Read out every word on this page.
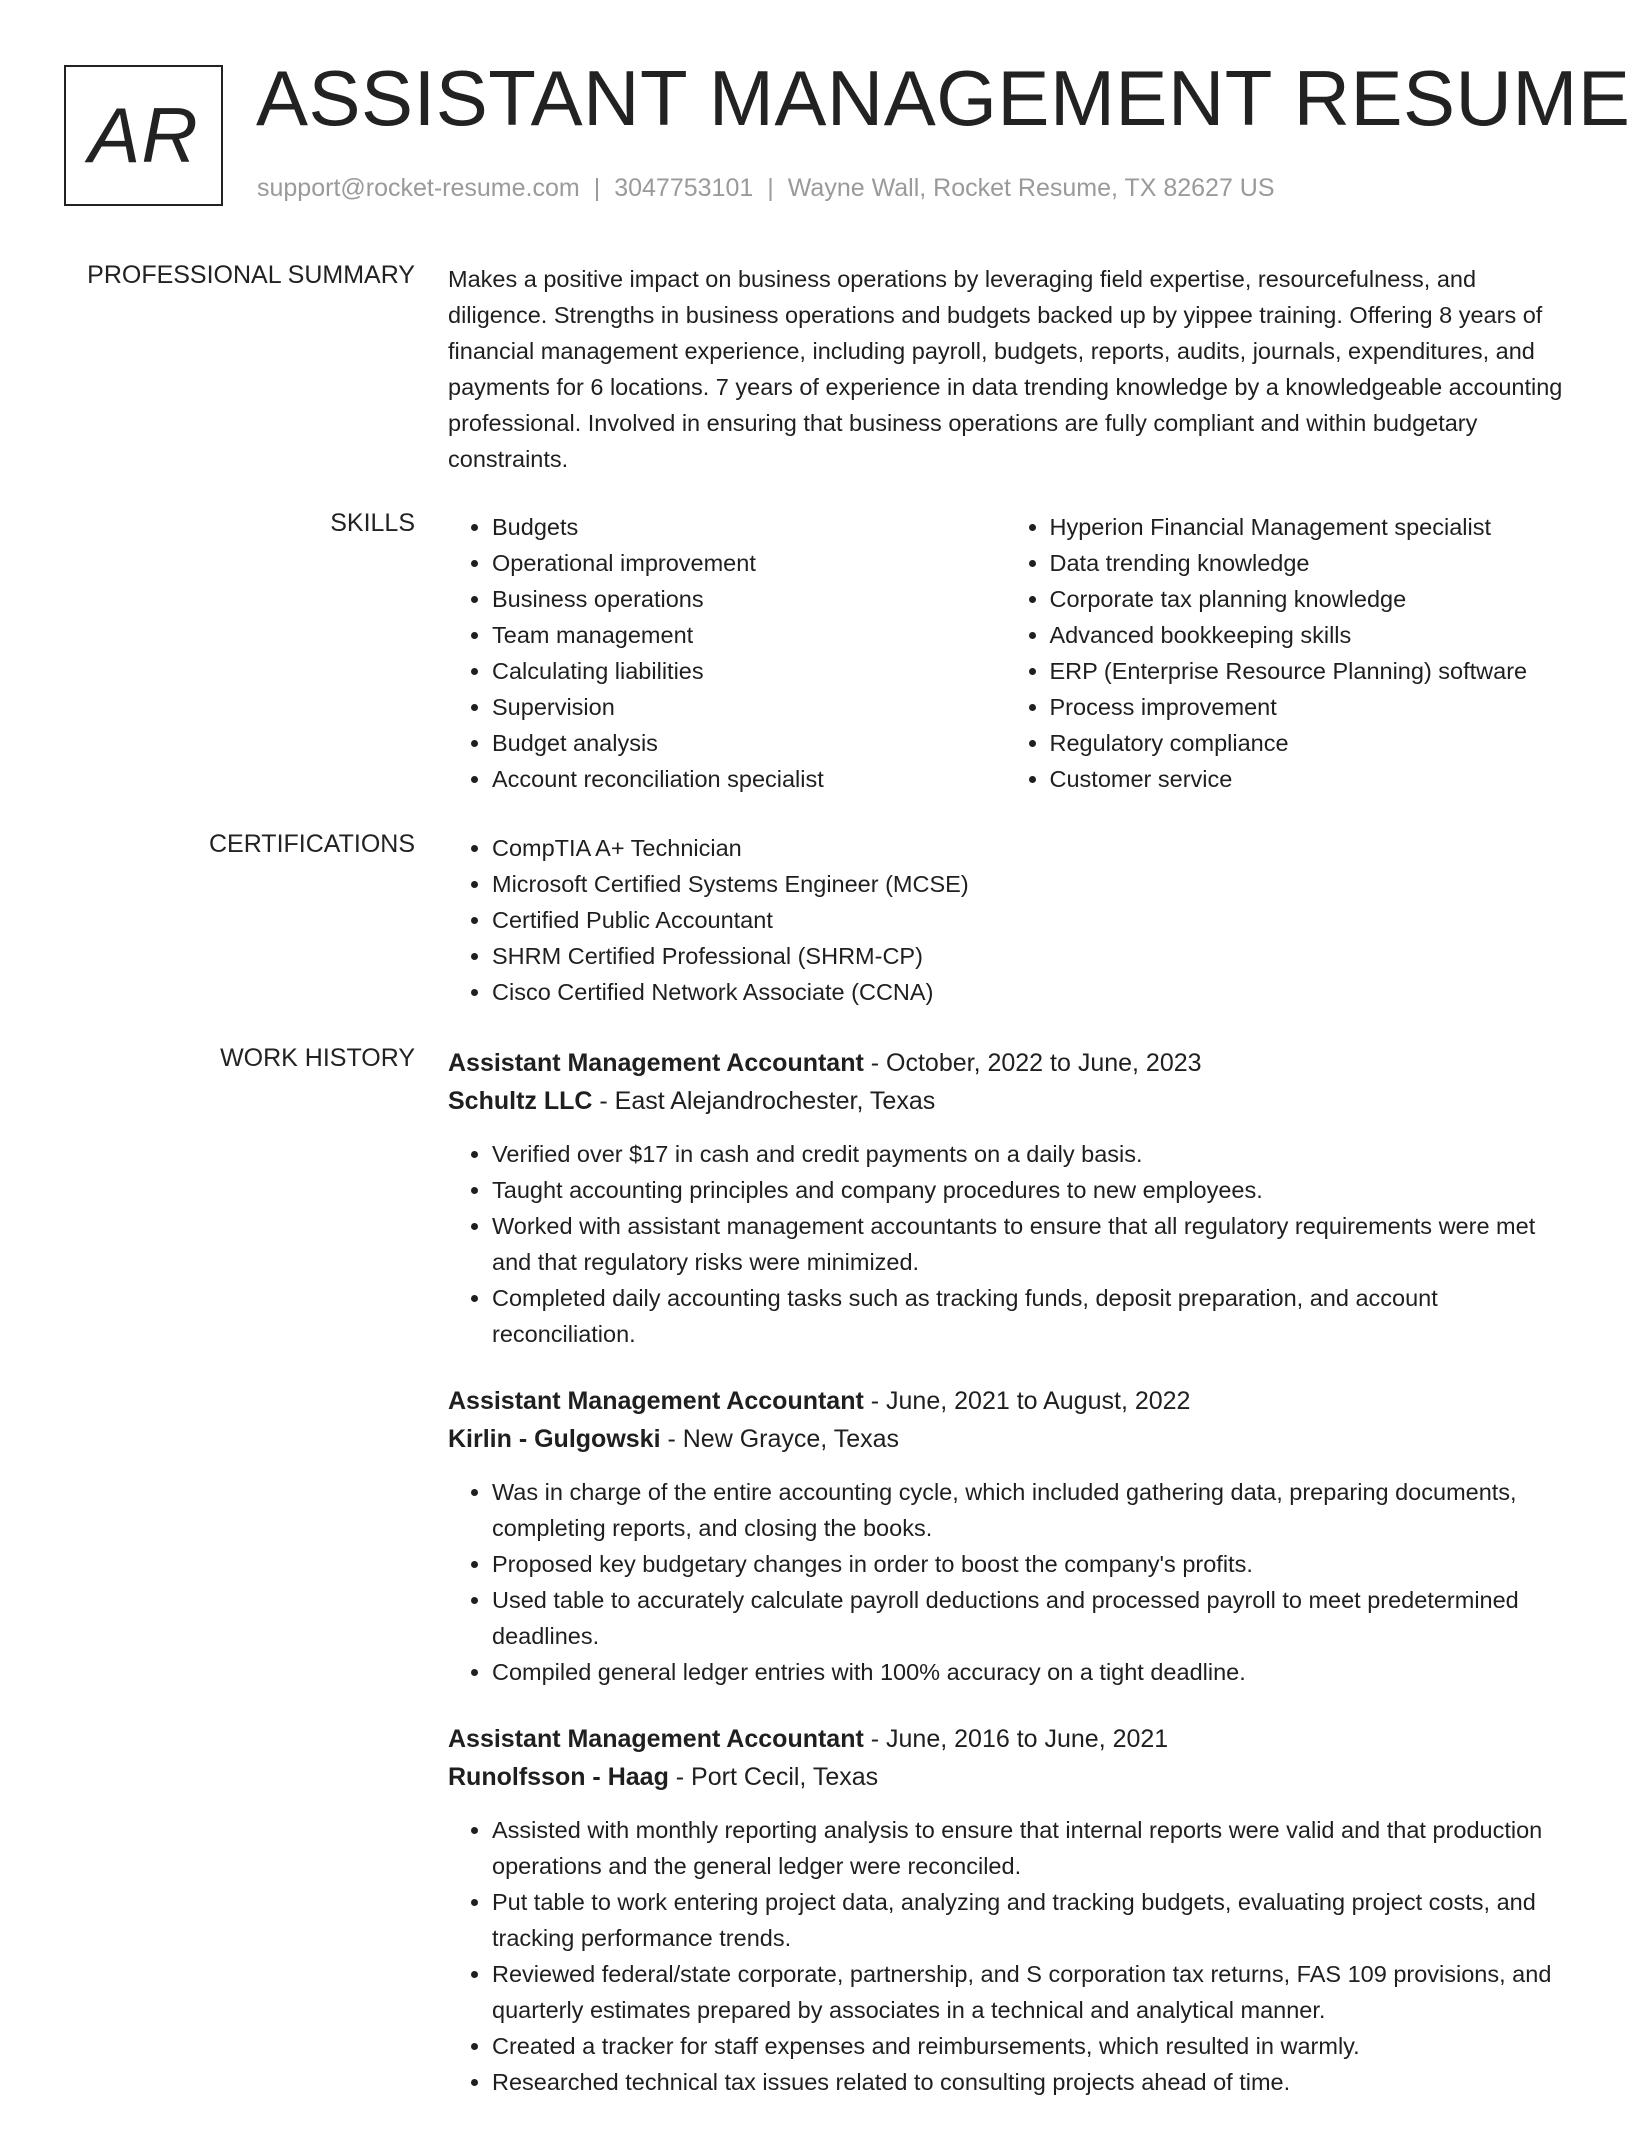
AR ASSISTANT MANAGEMENT RESUME
support@rocket-resume.com | 3047753101 | Wayne Wall, Rocket Resume, TX 82627 US
PROFESSIONAL SUMMARY Makes a positive impact on business operations by leveraging field expertise, resourcefulness, and diligence. Strengths in business operations and budgets backed up by yippee training. Offering 8 years of financial management experience, including payroll, budgets, reports, audits, journals, expenditures, and payments for 6 locations. 7 years of experience in data trending knowledge by a knowledgeable accounting professional. Involved in ensuring that business operations are fully compliant and within budgetary constraints.
SKILLS	• Budgets
• Operational improvement
• Business operations
• Team management
• Calculating liabilities
• Supervision
• Budget analysis
• Account reconciliation specialist
• Hyperion Financial Management specialist
• Data trending knowledge
• Corporate tax planning knowledge
• Advanced bookkeeping skills
• ERP (Enterprise Resource Planning) software
• Process improvement
• Regulatory compliance
• Customer service
CERTIFICATIONS	• CompTIA A+ Technician
• Microsoft Certified Systems Engineer (MCSE)
• Certified Public Accountant
• SHRM Certified Professional (SHRM-CP)
• Cisco Certified Network Associate (CCNA)
WORK HISTORY Assistant Management Accountant - October, 2022 to June, 2023
Schultz LLC - East Alejandrochester, Texas
• Verified over $17 in cash and credit payments on a daily basis.
• Taught accounting principles and company procedures to new employees.
• Worked with assistant management accountants to ensure that all regulatory requirements were met and that regulatory risks were minimized.
• Completed daily accounting tasks such as tracking funds, deposit preparation, and account reconciliation.
Assistant Management Accountant - June, 2021 to August, 2022
Kirlin - Gulgowski - New Grayce, Texas
• Was in charge of the entire accounting cycle, which included gathering data, preparing documents, completing reports, and closing the books.
• Proposed key budgetary changes in order to boost the company's profits.
• Used table to accurately calculate payroll deductions and processed payroll to meet predetermined deadlines.
• Compiled general ledger entries with 100% accuracy on a tight deadline.
Assistant Management Accountant - June, 2016 to June, 2021
Runolfsson - Haag - Port Cecil, Texas
• Assisted with monthly reporting analysis to ensure that internal reports were valid and that production operations and the general ledger were reconciled.
• Put table to work entering project data, analyzing and tracking budgets, evaluating project costs, and tracking performance trends.
• Reviewed federal/state corporate, partnership, and S corporation tax returns, FAS 109 provisions, and quarterly estimates prepared by associates in a technical and analytical manner.
• Created a tracker for staff expenses and reimbursements, which resulted in warmly.
• Researched technical tax issues related to consulting projects ahead of time.
